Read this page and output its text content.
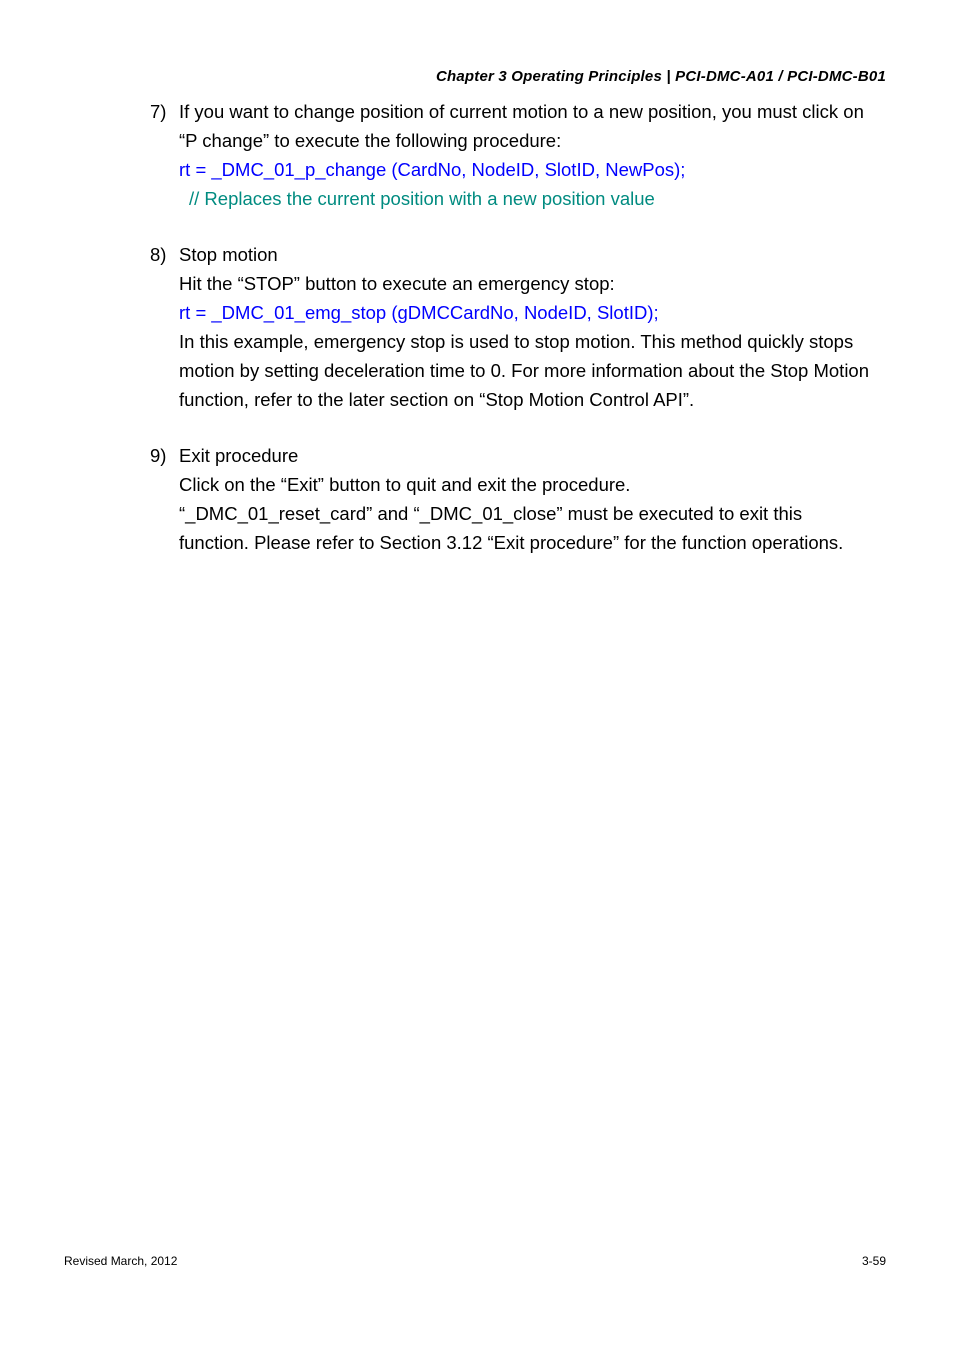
Chapter 3 Operating Principles | PCI-DMC-A01 / PCI-DMC-B01
7) If you want to change position of current motion to a new position, you must click on
“P change” to execute the following procedure:
rt = _DMC_01_p_change (CardNo, NodeID, SlotID, NewPos);
// Replaces the current position with a new position value
8) Stop motion
Hit the “STOP” button to execute an emergency stop:
rt = _DMC_01_emg_stop (gDMCCardNo, NodeID, SlotID);
In this example, emergency stop is used to stop motion. This method quickly stops
motion by setting deceleration time to 0. For more information about the Stop Motion
function, refer to the later section on “Stop Motion Control API”.
9) Exit procedure
Click on the “Exit” button to quit and exit the procedure.
“_DMC_01_reset_card” and “_DMC_01_close” must be executed to exit this
function. Please refer to Section 3.12 “Exit procedure” for the function operations.
Revised March, 2012	3-59
